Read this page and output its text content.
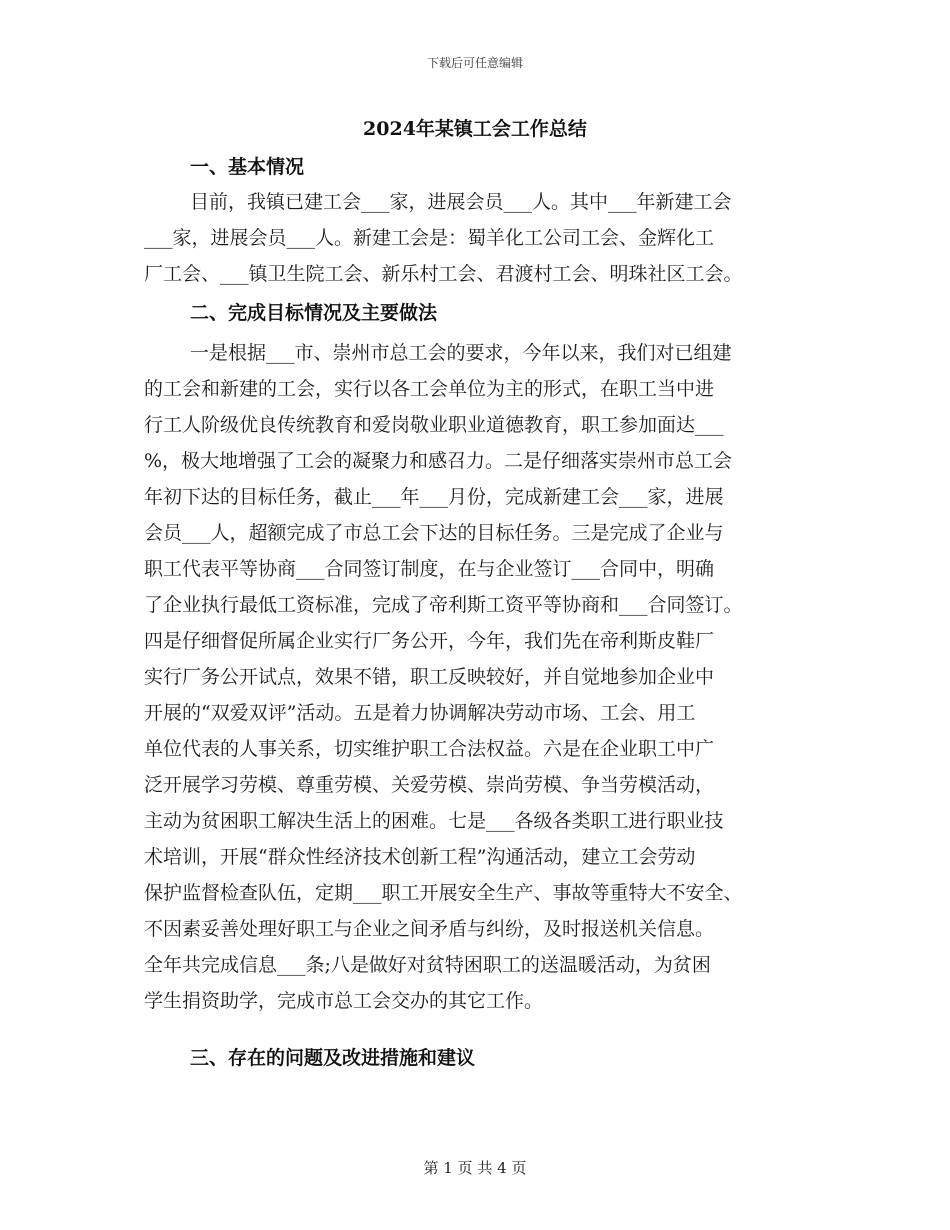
下载后可任意编辑
2024年某镇工会工作总结
一、基本情况
目前，我镇已建工会___家，进展会员___人。其中___年新建工会
___家，进展会员___人。新建工会是：蜀羊化工公司工会、金辉化工
厂工会、___镇卫生院工会、新乐村工会、君渡村工会、明珠社区工会。
二、完成目标情况及主要做法
一是根据___市、崇州市总工会的要求，今年以来，我们对已组建
的工会和新建的工会，实行以各工会单位为主的形式，在职工当中进
行工人阶级优良传统教育和爱岗敬业职业道德教育，职工参加面达___
%，极大地增强了工会的凝聚力和感召力。二是仔细落实崇州市总工会
年初下达的目标任务，截止___年___月份，完成新建工会___家，进展
会员___人，超额完成了市总工会下达的目标任务。三是完成了企业与
职工代表平等协商___合同签订制度，在与企业签订___合同中，明确
了企业执行最低工资标准，完成了帝利斯工资平等协商和___合同签订。
四是仔细督促所属企业实行厂务公开，今年，我们先在帝利斯皮鞋厂
实行厂务公开试点，效果不错，职工反映较好，并自觉地参加企业中
开展的“双爱双评”活动。五是着力协调解决劳动市场、工会、用工
单位代表的人事关系，切实维护职工合法权益。六是在企业职工中广
泛开展学习劳模、尊重劳模、关爱劳模、崇尚劳模、争当劳模活动，
主动为贫困职工解决生活上的困难。七是___各级各类职工进行职业技
术培训，开展“群众性经济技术创新工程”沟通活动，建立工会劳动
保护监督检查队伍，定期___职工开展安全生产、事故等重特大不安全、
不因素妥善处理好职工与企业之间矛盾与纠纷，及时报送机关信息。
全年共完成信息___条;八是做好对贫特困职工的送温暖活动，为贫困
学生捐资助学，完成市总工会交办的其它工作。
三、存在的问题及改进措施和建议
第 1 页 共 4 页
